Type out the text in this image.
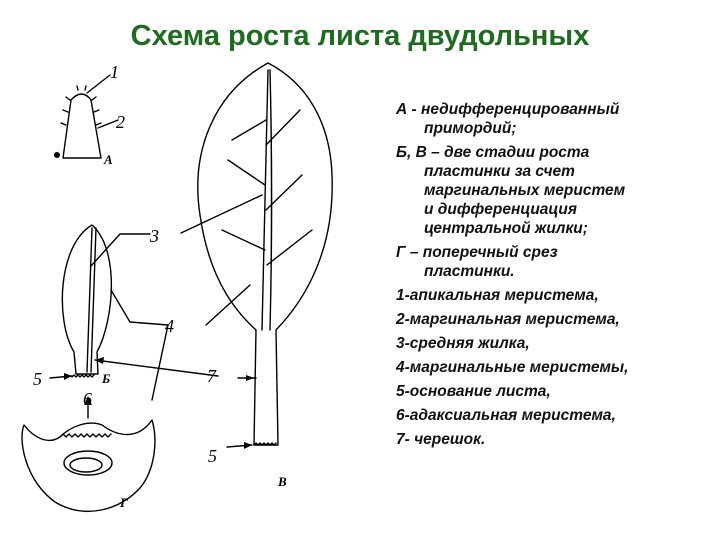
Схема роста листа двудольных
1
2
3
4
5
5
6
7
А
Б
В
Г
А - недифференцированный
примордий;
Б, В – две стадии роста
пластинки за счет
маргинальных меристем
и дифференциация
центральной жилки;
Г – поперечный срез
пластинки.
1-апикальная меристема,
2-маргинальная меристема,
3-средняя жилка,
4-маргинальные меристемы,
5-основание листа,
6-адаксиальная меристема,
7- черешок.
